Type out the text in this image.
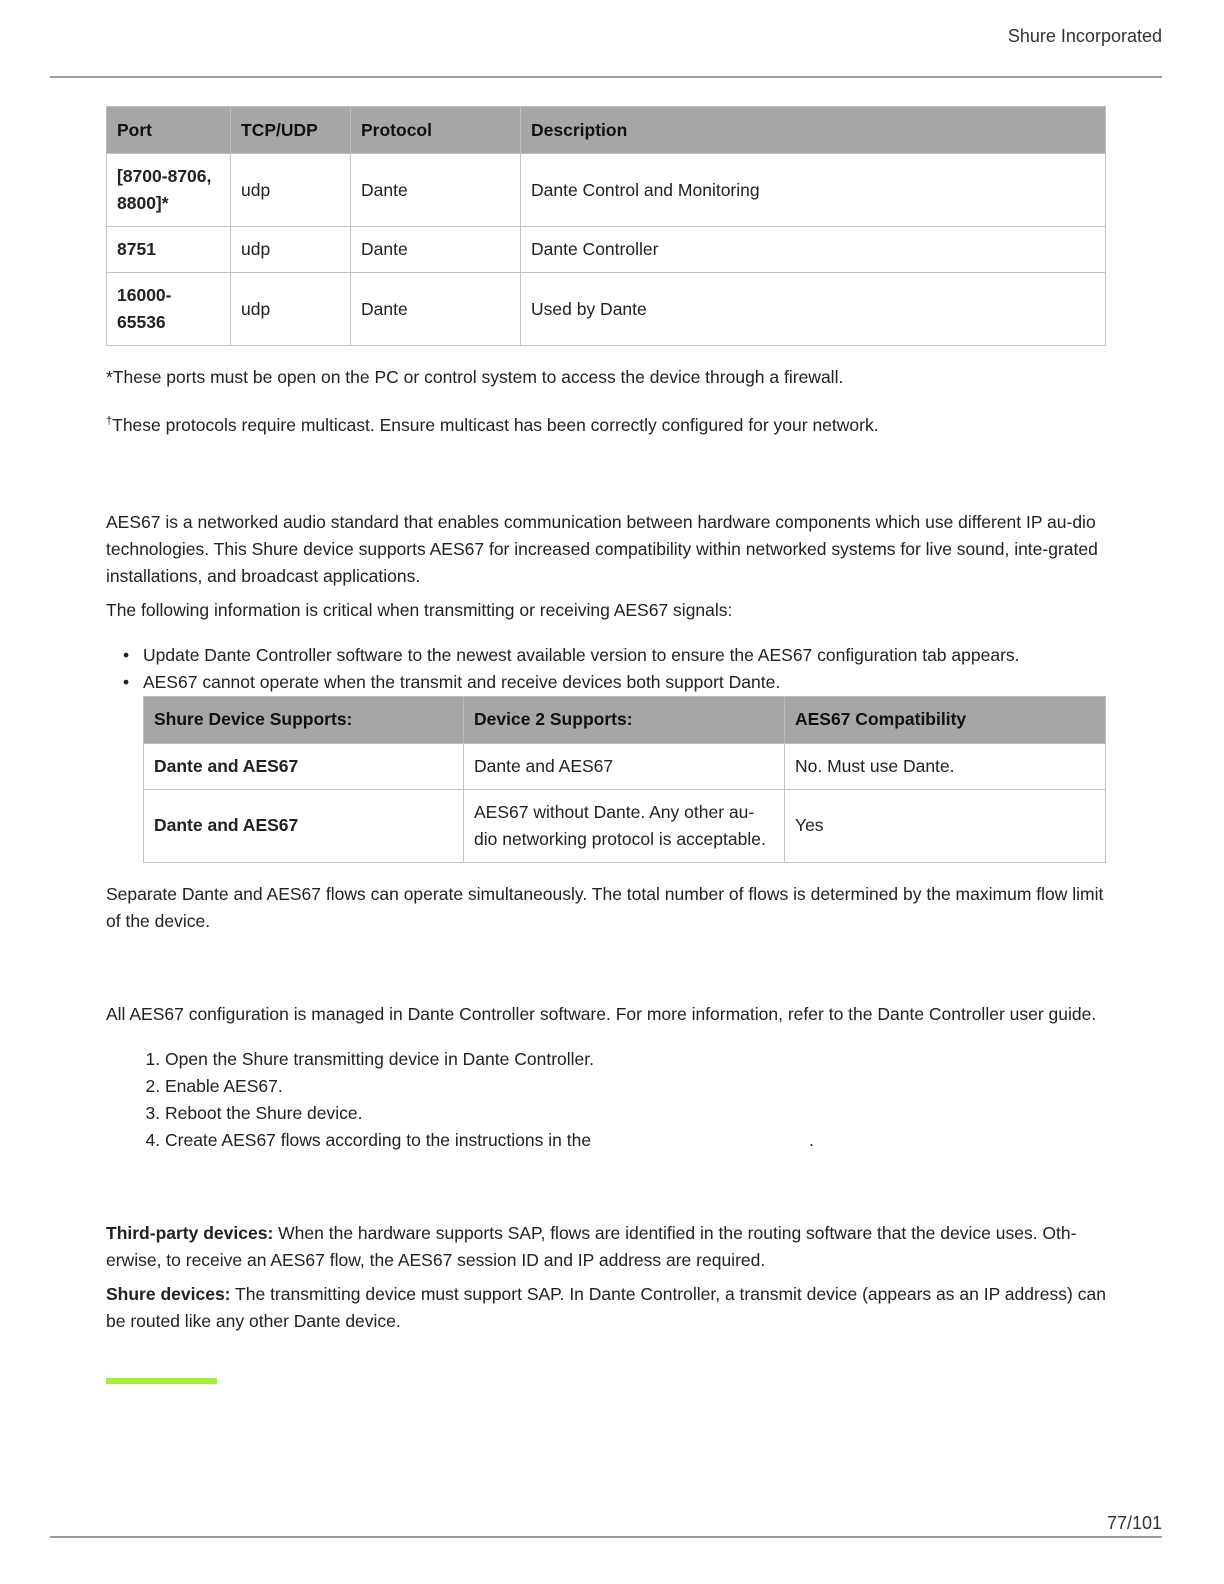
Shure Incorporated
Port	TCP/UDP	Protocol	Description
[8700-8706,
8800]*	udp	Dante	Dante Control and Monitoring
8751	udp	Dante	Dante Controller
16000-65536	udp	Dante	Used by Dante

*These ports must be open on the PC or control system to access the device through a firewall.

†These protocols require multicast. Ensure multicast has been correctly configured for your network.

AES67 is a networked audio standard that enables communication between hardware components which use different IP au-dio technologies. This Shure device supports AES67 for increased compatibility within networked systems for live sound, inte-grated installations, and broadcast applications.

The following information is critical when transmitting or receiving AES67 signals:

• Update Dante Controller software to the newest available version to ensure the AES67 configuration tab appears.
• AES67 cannot operate when the transmit and receive devices both support Dante.
Shure Device Supports:	Device 2 Supports:	AES67 Compatibility
Dante and AES67	Dante and AES67	No. Must use Dante.
Dante and AES67	AES67 without Dante. Any other au-
dio networking protocol is acceptable.	Yes

Separate Dante and AES67 flows can operate simultaneously. The total number of flows is determined by the maximum flow limit of the device.

All AES67 configuration is managed in Dante Controller software. For more information, refer to the Dante Controller user guide.

1. Open the Shure transmitting device in Dante Controller.
2. Enable AES67.
3. Reboot the Shure device.
4. Create AES67 flows according to the instructions in the	.

Third-party devices: When the hardware supports SAP, flows are identified in the routing software that the device uses. Oth-erwise, to receive an AES67 flow, the AES67 session ID and IP address are required.

Shure devices: The transmitting device must support SAP. In Dante Controller, a transmit device (appears as an IP address) can be routed like any other Dante device.

77/101
